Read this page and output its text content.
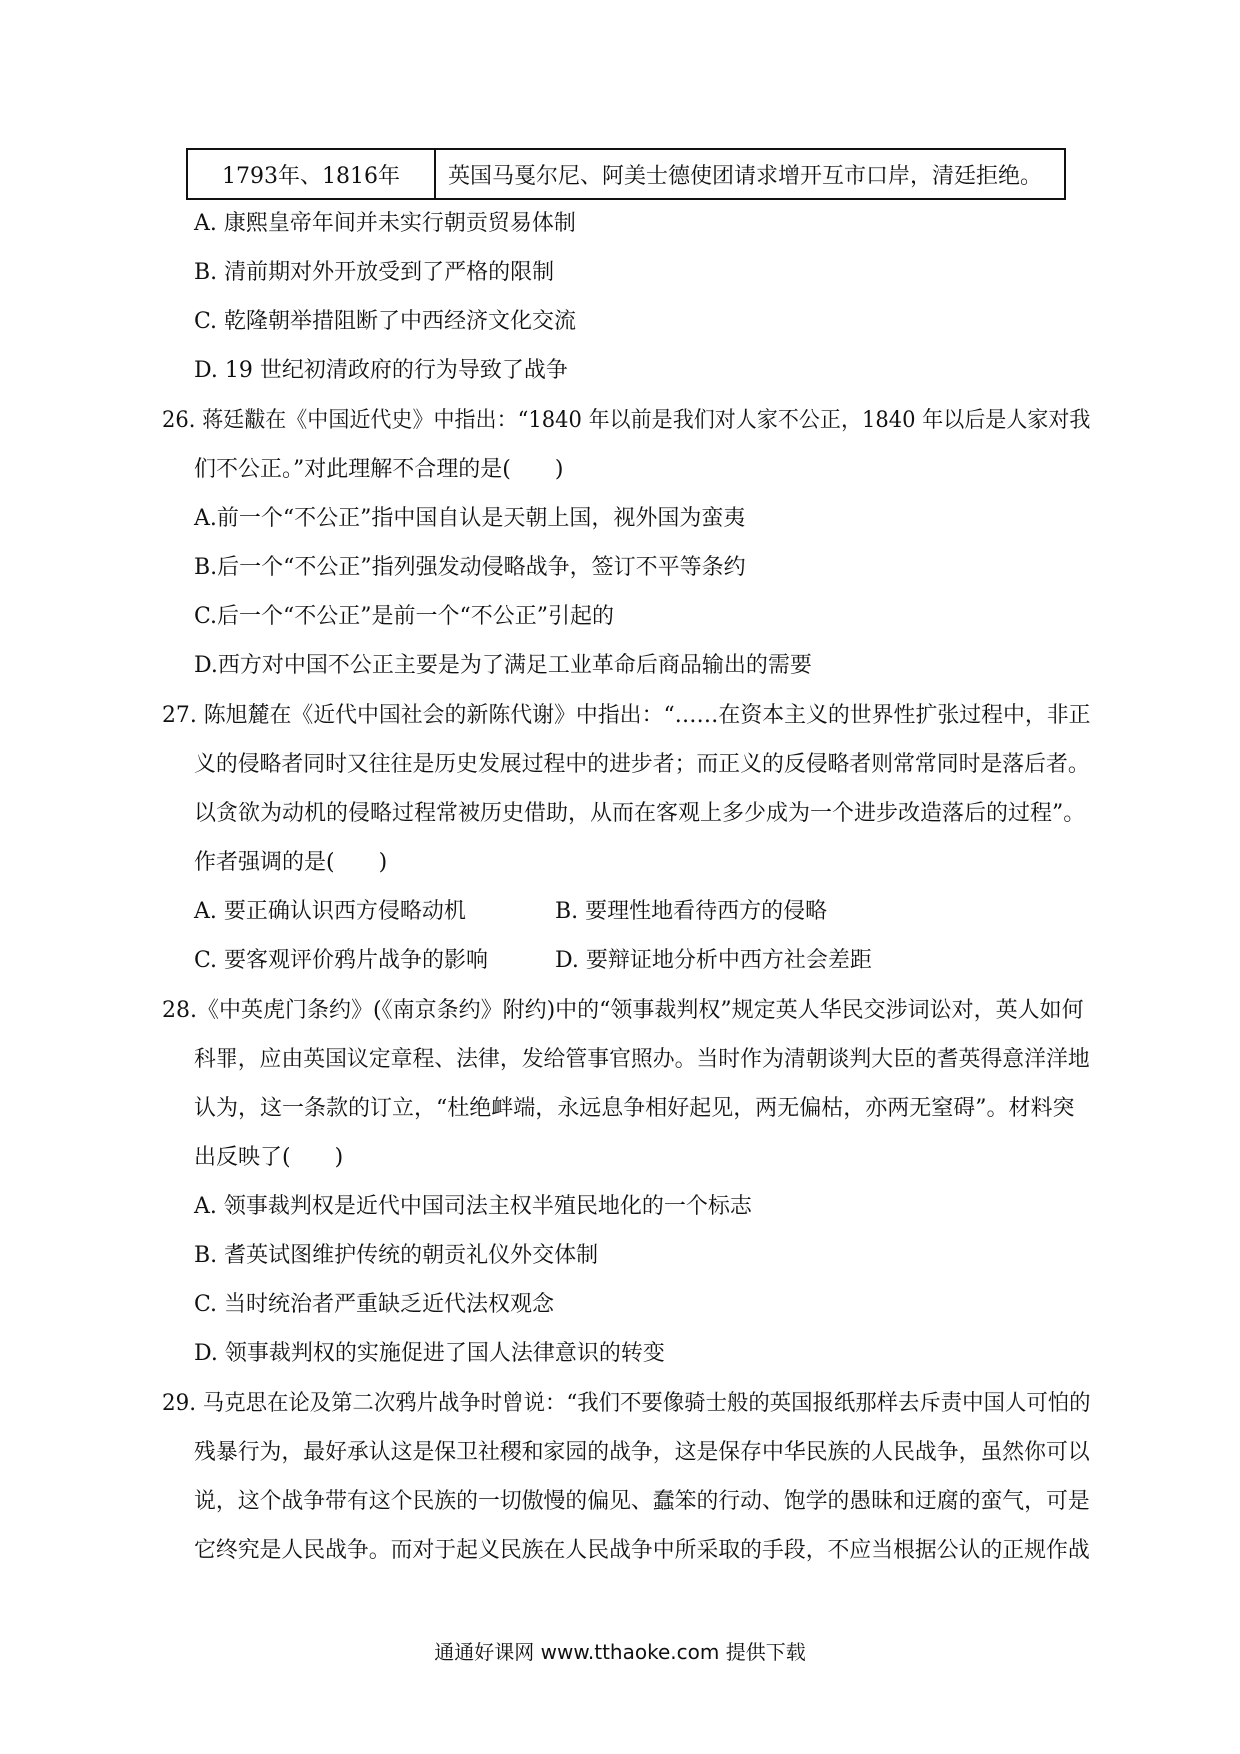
1793年、1816年	英国马戛尔尼、阿美士德使团请求增开互市口岸，清廷拒绝。
A. 康熙皇帝年间并未实行朝贡贸易体制
B. 清前期对外开放受到了严格的限制
C. 乾隆朝举措阻断了中西经济文化交流
D. 19 世纪初清政府的行为导致了战争
26. 蒋廷黻在《中国近代史》中指出：“1840 年以前是我们对人家不公正，1840 年以后是人家对我
们不公正。”对此理解不合理的是(　　)
A.前一个“不公正”指中国自认是天朝上国，视外国为蛮夷
B.后一个“不公正”指列强发动侵略战争，签订不平等条约
C.后一个“不公正”是前一个“不公正”引起的
D.西方对中国不公正主要是为了满足工业革命后商品输出的需要
27. 陈旭麓在《近代中国社会的新陈代谢》中指出：“……在资本主义的世界性扩张过程中，非正
义的侵略者同时又往往是历史发展过程中的进步者；而正义的反侵略者则常常同时是落后者。
以贪欲为动机的侵略过程常被历史借助，从而在客观上多少成为一个进步改造落后的过程”。
作者强调的是(　　)
A. 要正确认识西方侵略动机	B. 要理性地看待西方的侵略
C. 要客观评价鸦片战争的影响	D. 要辩证地分析中西方社会差距
28.《中英虎门条约》(《南京条约》附约)中的“领事裁判权”规定英人华民交涉词讼对，英人如何
科罪，应由英国议定章程、法律，发给管事官照办。当时作为清朝谈判大臣的耆英得意洋洋地
认为，这一条款的订立，“杜绝衅端，永远息争相好起见，两无偏枯，亦两无窒碍”。材料突
出反映了(　　)
A. 领事裁判权是近代中国司法主权半殖民地化的一个标志
B. 耆英试图维护传统的朝贡礼仪外交体制
C. 当时统治者严重缺乏近代法权观念
D. 领事裁判权的实施促进了国人法律意识的转变
29. 马克思在论及第二次鸦片战争时曾说：“我们不要像骑士般的英国报纸那样去斥责中国人可怕的
残暴行为，最好承认这是保卫社稷和家园的战争，这是保存中华民族的人民战争，虽然你可以
说，这个战争带有这个民族的一切傲慢的偏见、蠢笨的行动、饱学的愚昧和迂腐的蛮气，可是
它终究是人民战争。而对于起义民族在人民战争中所采取的手段，不应当根据公认的正规作战
通通好课网 www.tthaoke.com 提供下载
